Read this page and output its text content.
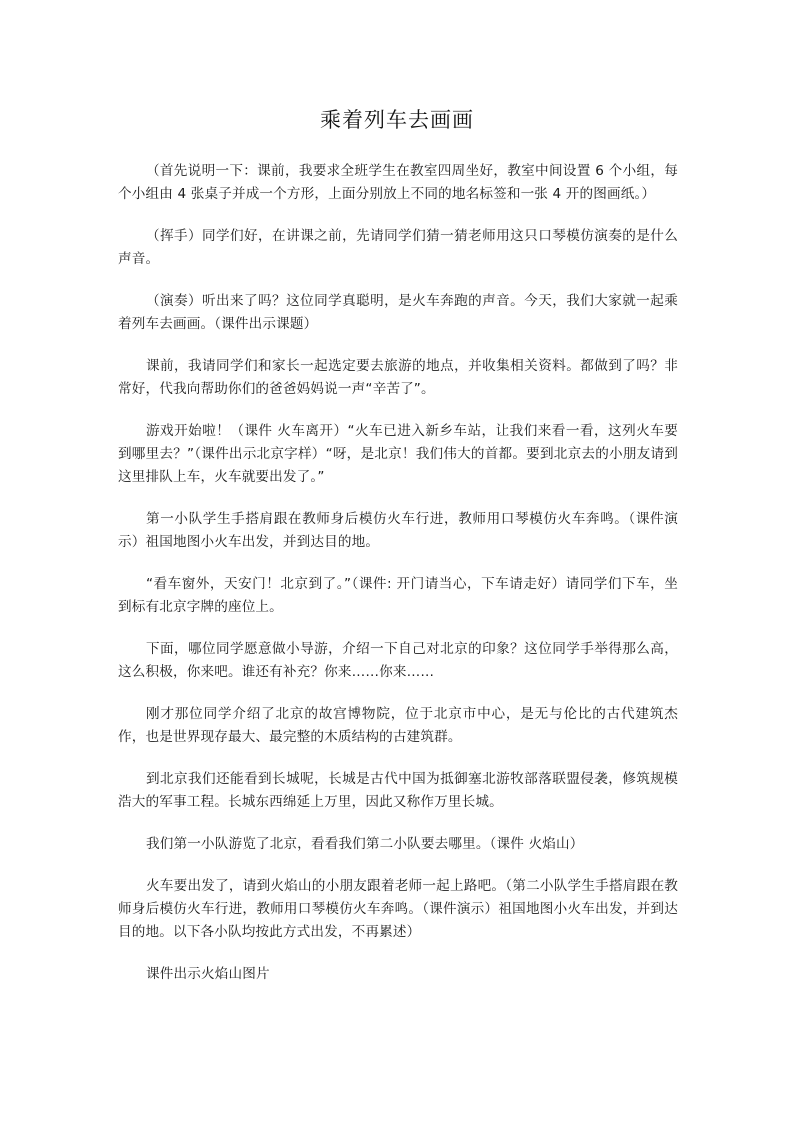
乘着列车去画画

（首先说明一下：课前，我要求全班学生在教室四周坐好，教室中间设置 6 个小组，每个小组由 4 张桌子并成一个方形，上面分别放上不同的地名标签和一张 4 开的图画纸。）

（挥手）同学们好，在讲课之前，先请同学们猜一猜老师用这只口琴模仿演奏的是什么声音。

（演奏）听出来了吗？这位同学真聪明，是火车奔跑的声音。今天，我们大家就一起乘着列车去画画。（课件出示课题）

课前，我请同学们和家长一起选定要去旅游的地点，并收集相关资料。都做到了吗？非常好，代我向帮助你们的爸爸妈妈说一声“辛苦了”。

游戏开始啦！（课件 火车离开）“火车已进入新乡车站，让我们来看一看，这列火车要到哪里去？”（课件出示北京字样）“呀，是北京！我们伟大的首都。要到北京去的小朋友请到这里排队上车，火车就要出发了。”

第一小队学生手搭肩跟在教师身后模仿火车行进，教师用口琴模仿火车奔鸣。（课件演示）祖国地图小火车出发，并到达目的地。

“看车窗外，天安门！北京到了。”（课件: 开门请当心，下车请走好）请同学们下车，坐到标有北京字牌的座位上。

下面，哪位同学愿意做小导游，介绍一下自己对北京的印象？这位同学手举得那么高，这么积极，你来吧。谁还有补充？你来……你来……

刚才那位同学介绍了北京的故宫博物院，位于北京市中心，是无与伦比的古代建筑杰作，也是世界现存最大、最完整的木质结构的古建筑群。

到北京我们还能看到长城呢，长城是古代中国为抵御塞北游牧部落联盟侵袭，修筑规模浩大的军事工程。长城东西绵延上万里，因此又称作万里长城。

我们第一小队游览了北京，看看我们第二小队要去哪里。（课件 火焰山）

火车要出发了，请到火焰山的小朋友跟着老师一起上路吧。（第二小队学生手搭肩跟在教师身后模仿火车行进，教师用口琴模仿火车奔鸣。（课件演示）祖国地图小火车出发，并到达目的地。以下各小队均按此方式出发，不再累述）

课件出示火焰山图片
